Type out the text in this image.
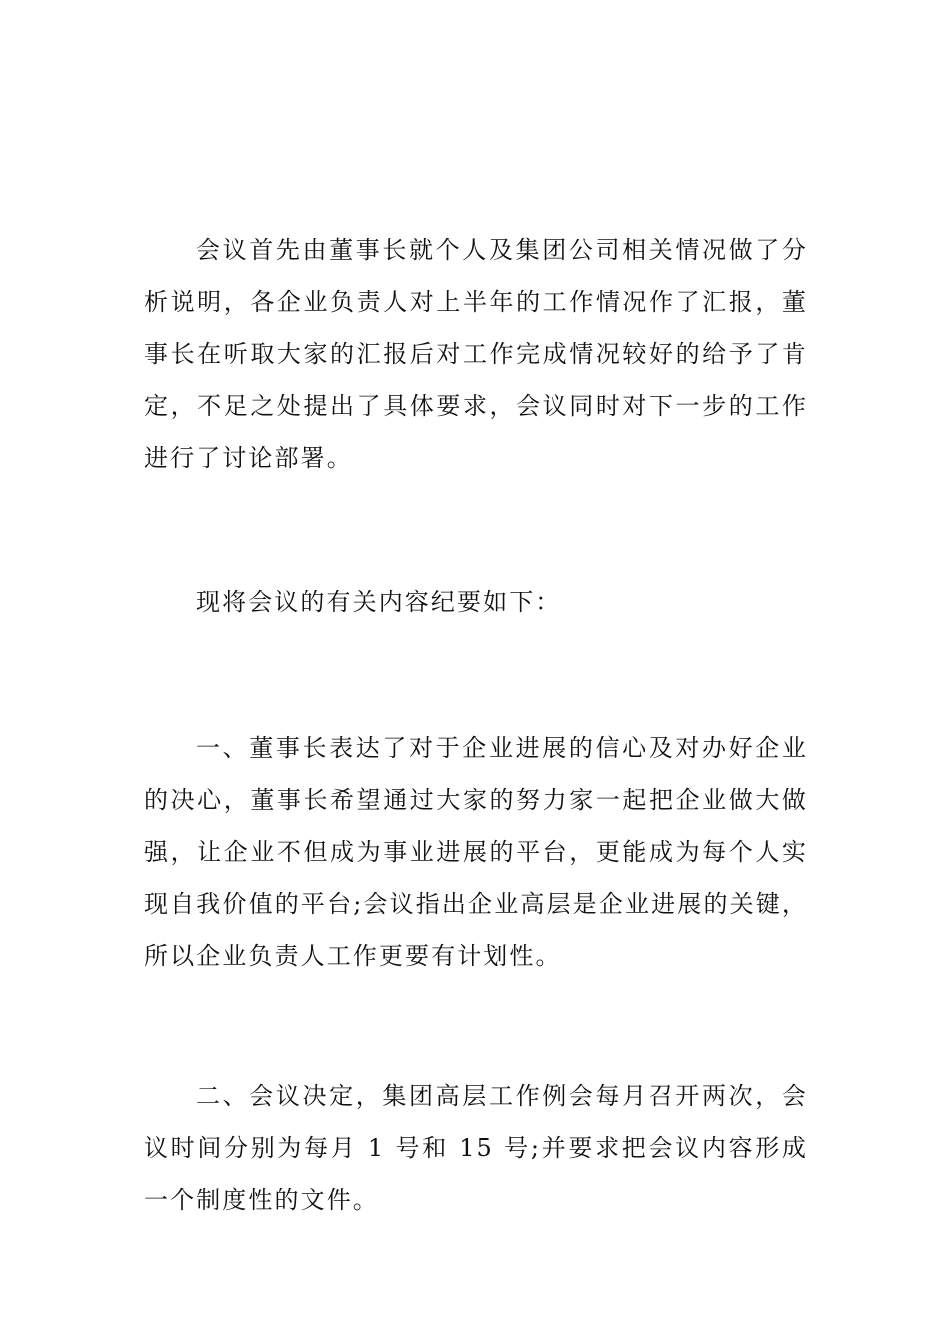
会议首先由董事长就个人及集团公司相关情况做了分析说明，各企业负责人对上半年的工作情况作了汇报，董事长在听取大家的汇报后对工作完成情况较好的给予了肯定，不足之处提出了具体要求，会议同时对下一步的工作进行了讨论部署。

现将会议的有关内容纪要如下：

一、董事长表达了对于企业进展的信心及对办好企业的决心，董事长希望通过大家的努力家一起把企业做大做强，让企业不但成为事业进展的平台，更能成为每个人实现自我价值的平台;会议指出企业高层是企业进展的关键，所以企业负责人工作更要有计划性。

二、会议决定，集团高层工作例会每月召开两次，会议时间分别为每月 1 号和 15 号;并要求把会议内容形成一个制度性的文件。
